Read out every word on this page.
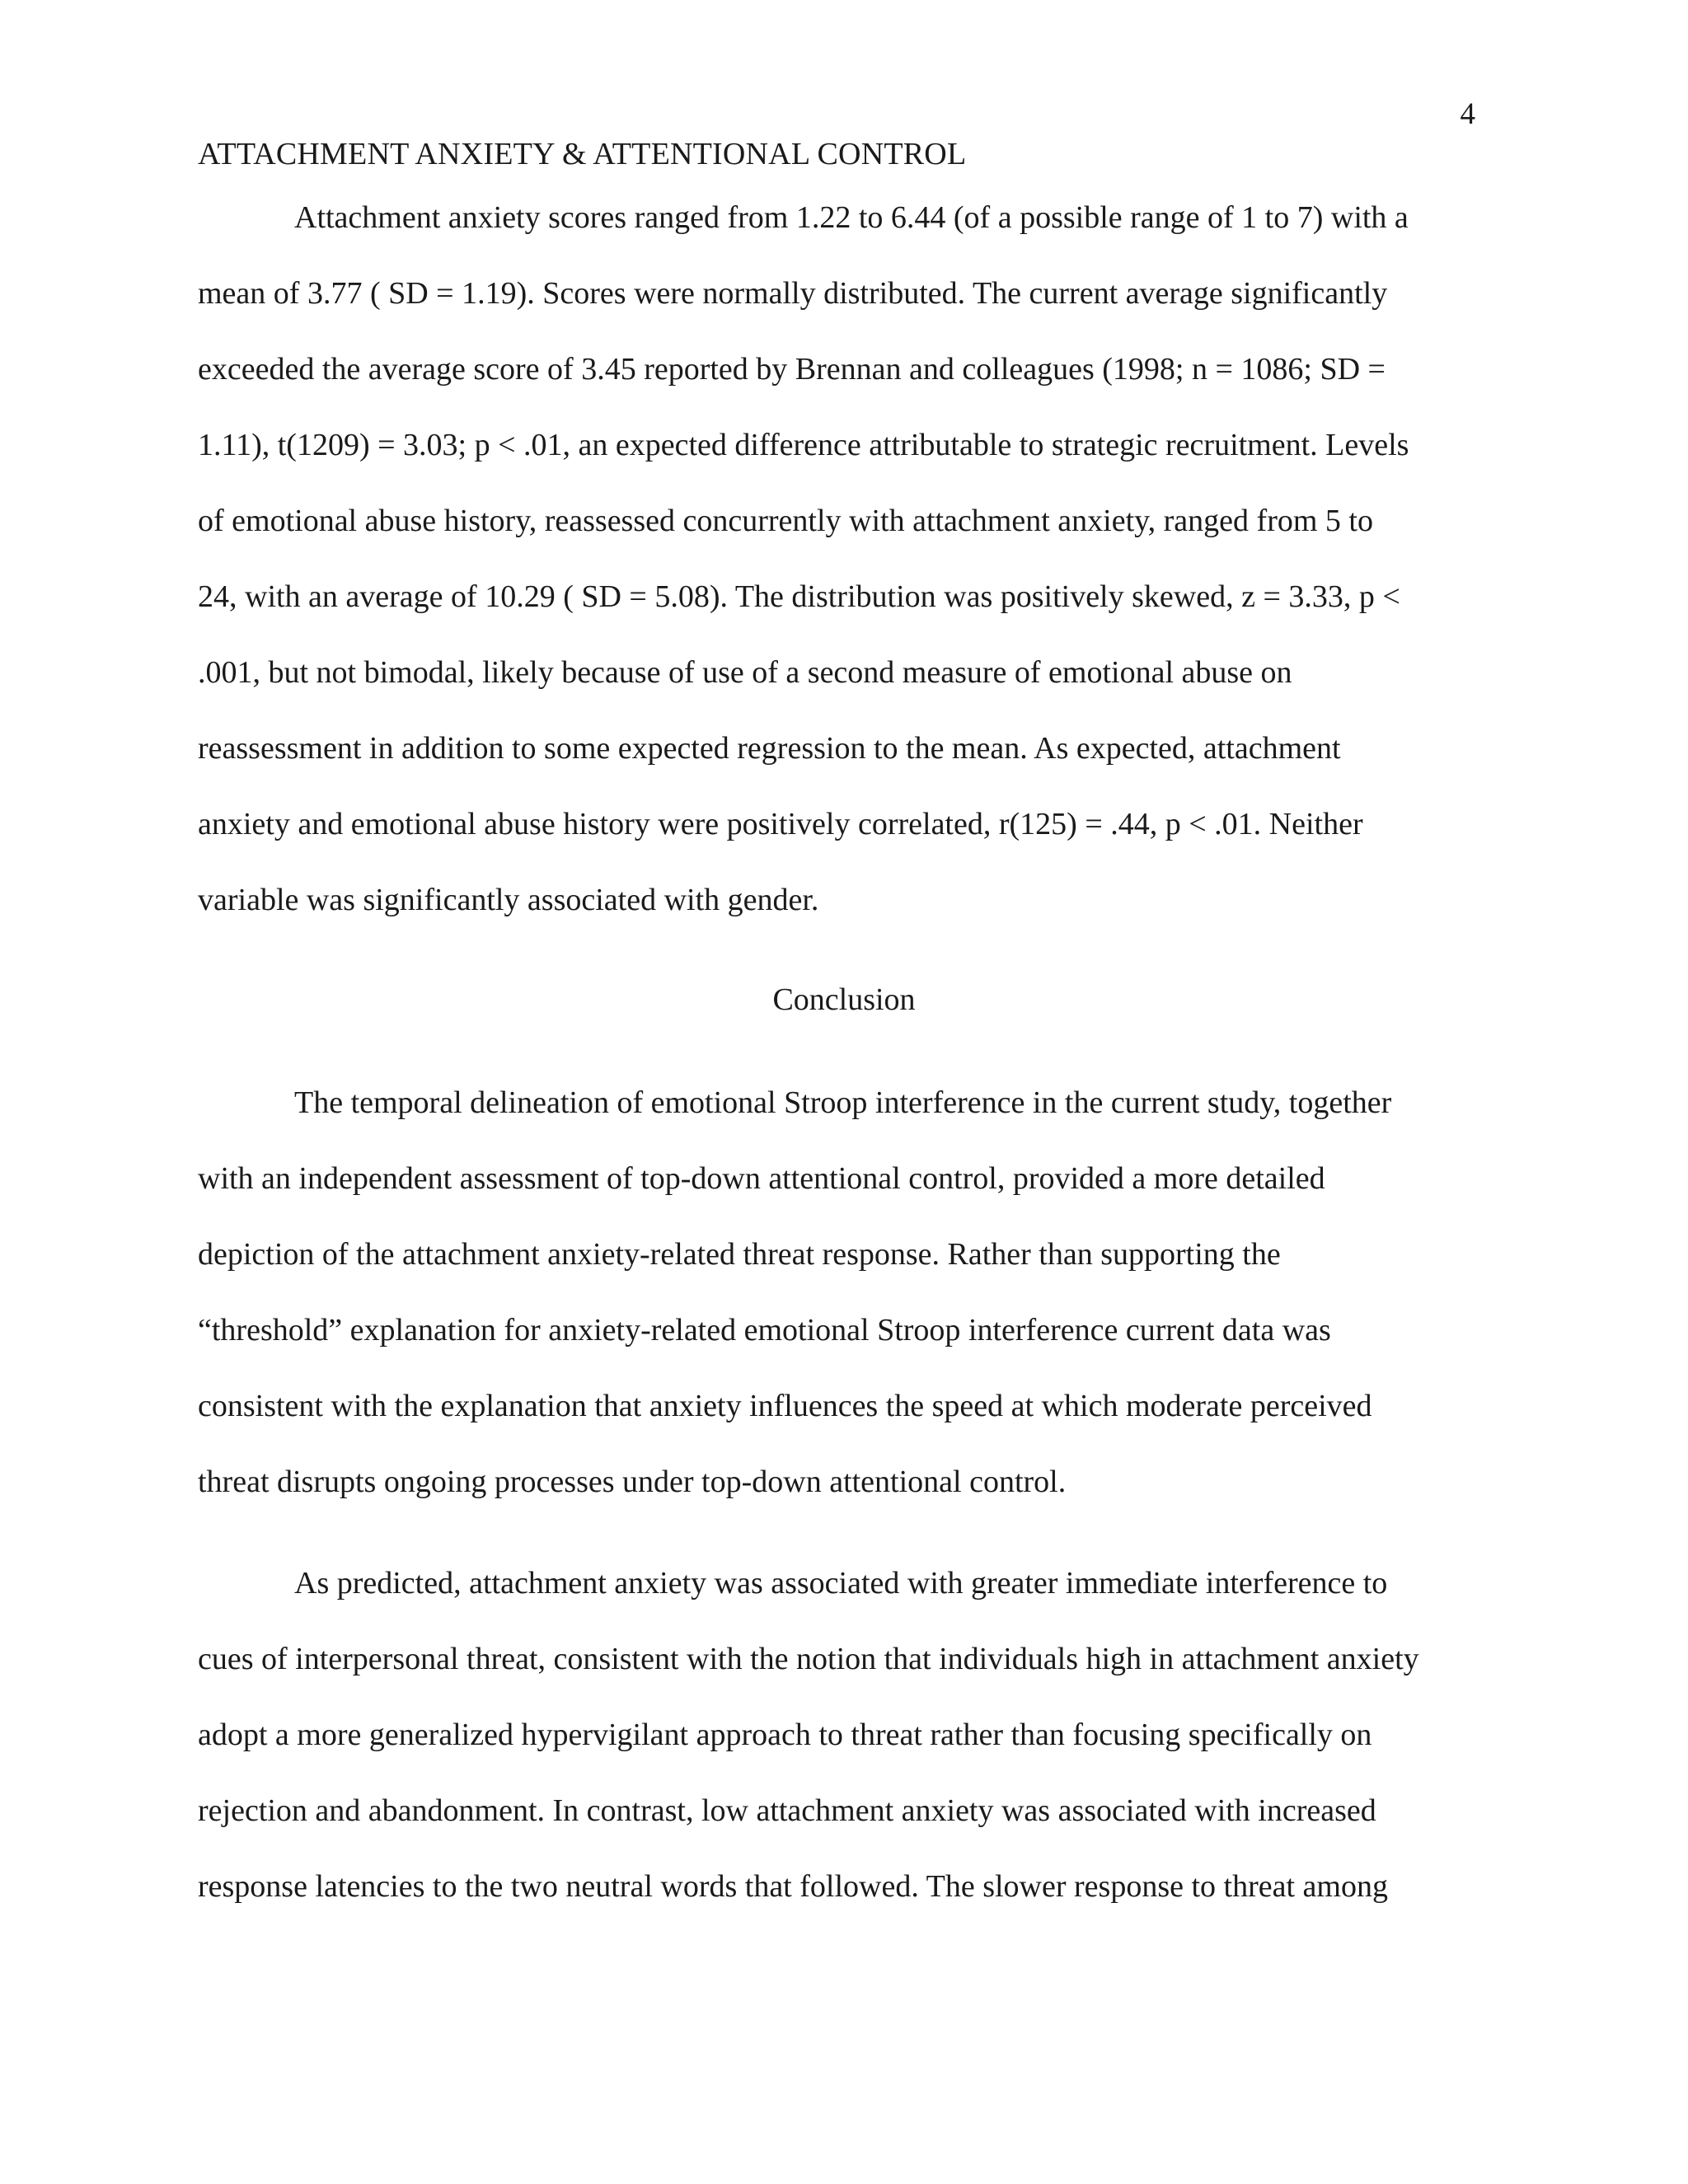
4
ATTACHMENT ANXIETY & ATTENTIONAL CONTROL
Attachment anxiety scores ranged from 1.22 to 6.44 (of a possible range of 1 to 7) with a
mean of 3.77 ( SD = 1.19). Scores were normally distributed. The current average significantly
exceeded the average score of 3.45 reported by Brennan and colleagues (1998; n = 1086; SD =
1.11), t(1209) = 3.03; p < .01, an expected difference attributable to strategic recruitment. Levels
of emotional abuse history, reassessed concurrently with attachment anxiety, ranged from 5 to
24, with an average of 10.29 ( SD = 5.08). The distribution was positively skewed, z = 3.33, p <
.001, but not bimodal, likely because of use of a second measure of emotional abuse on
reassessment in addition to some expected regression to the mean. As expected, attachment
anxiety and emotional abuse history were positively correlated, r(125) = .44, p < .01. Neither
variable was significantly associated with gender.
Conclusion
The temporal delineation of emotional Stroop interference in the current study, together
with an independent assessment of top-down attentional control, provided a more detailed
depiction of the attachment anxiety-related threat response. Rather than supporting the
“threshold” explanation for anxiety-related emotional Stroop interference current data was
consistent with the explanation that anxiety influences the speed at which moderate perceived
threat disrupts ongoing processes under top-down attentional control.
As predicted, attachment anxiety was associated with greater immediate interference to
cues of interpersonal threat, consistent with the notion that individuals high in attachment anxiety
adopt a more generalized hypervigilant approach to threat rather than focusing specifically on
rejection and abandonment. In contrast, low attachment anxiety was associated with increased
response latencies to the two neutral words that followed. The slower response to threat among
